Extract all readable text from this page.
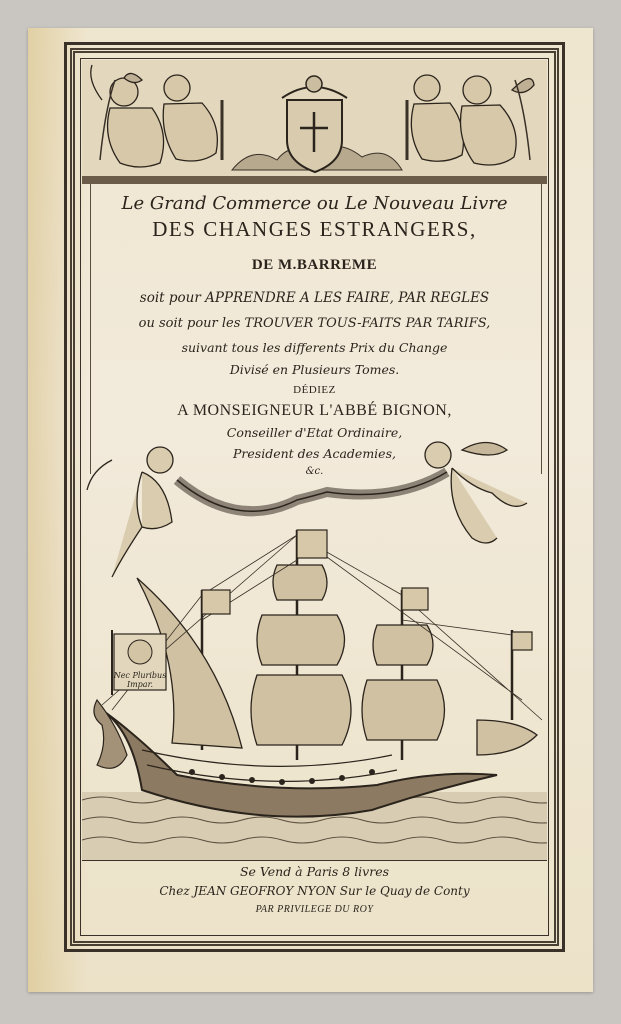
Le Grand Commerce ou Le Nouveau Livre
DES CHANGES ESTRANGERS,
DE M.BARREME
soit pour APPRENDRE A LES FAIRE, PAR REGLES
ou soit pour les TROUVER TOUS-FAITS PAR TARIFS,
suivant tous les differents Prix du Change
Divisé en Plusieurs Tomes.
DÉDIEZ
A MONSEIGNEUR L'ABBÉ BIGNON,
Conseiller d'Etat Ordinaire,
President des Academies,
&c.
Nec Pluribus
Impar.
Se Vend à Paris 8 livres
Chez JEAN GEOFROY NYON Sur le Quay de Conty
PAR PRIVILEGE DU ROY
